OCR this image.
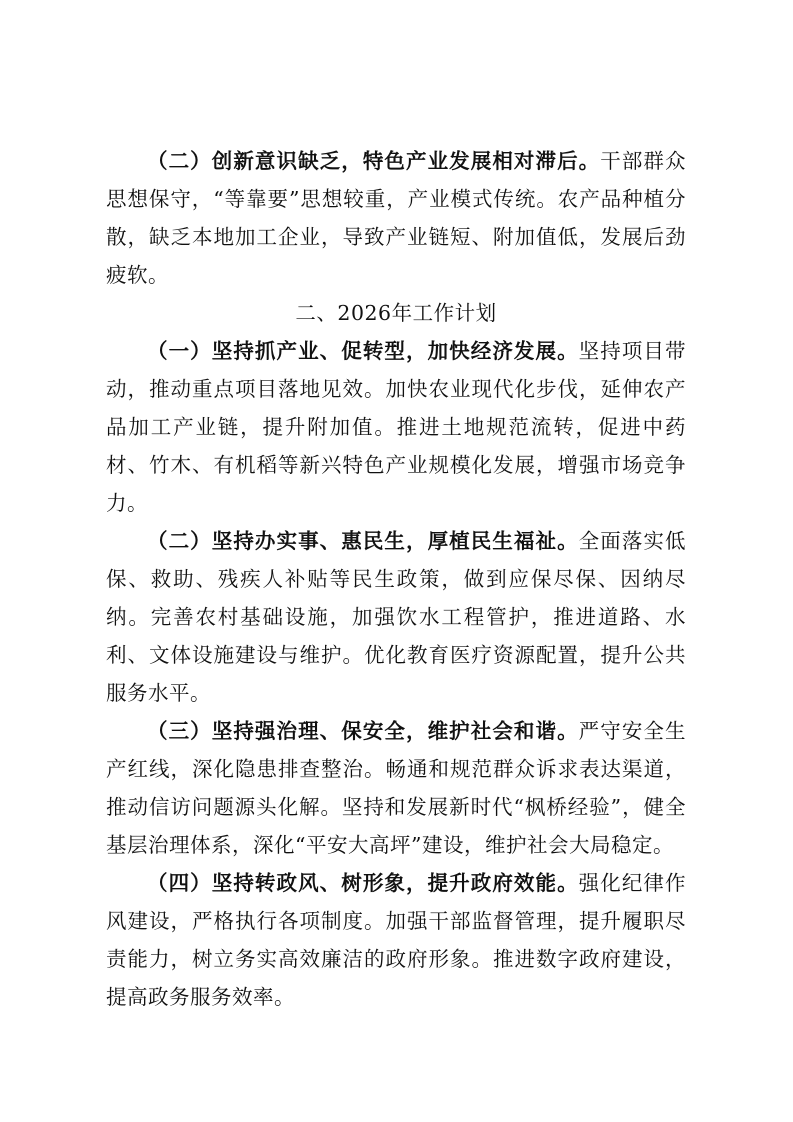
（二）创新意识缺乏，特色产业发展相对滞后。干部群众思想保守，“等靠要”思想较重，产业模式传统。农产品种植分散，缺乏本地加工企业，导致产业链短、附加值低，发展后劲疲软。

二、2026年工作计划

（一）坚持抓产业、促转型，加快经济发展。坚持项目带动，推动重点项目落地见效。加快农业现代化步伐，延伸农产品加工产业链，提升附加值。推进土地规范流转，促进中药材、竹木、有机稻等新兴特色产业规模化发展，增强市场竞争力。

（二）坚持办实事、惠民生，厚植民生福祉。全面落实低保、救助、残疾人补贴等民生政策，做到应保尽保、因纳尽纳。完善农村基础设施，加强饮水工程管护，推进道路、水利、文体设施建设与维护。优化教育医疗资源配置，提升公共服务水平。

（三）坚持强治理、保安全，维护社会和谐。严守安全生产红线，深化隐患排查整治。畅通和规范群众诉求表达渠道，推动信访问题源头化解。坚持和发展新时代“枫桥经验”，健全基层治理体系，深化“平安大高坪”建设，维护社会大局稳定。

（四）坚持转政风、树形象，提升政府效能。强化纪律作风建设，严格执行各项制度。加强干部监督管理，提升履职尽责能力，树立务实高效廉洁的政府形象。推进数字政府建设，提高政务服务效率。
